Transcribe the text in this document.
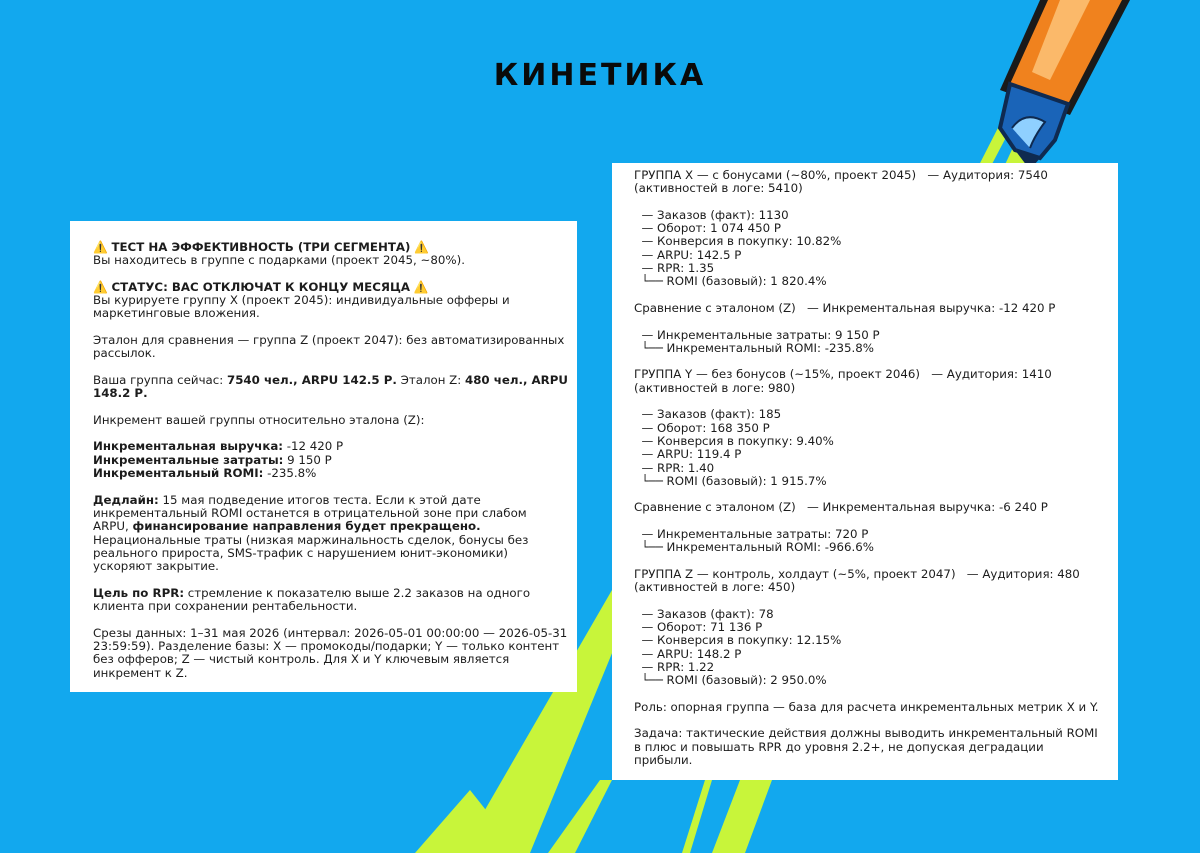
КИНЕТИКА
⚠️ ТЕСТ НА ЭФФЕКТИВНОСТЬ (ТРИ СЕГМЕНТА) ⚠️
Вы находитесь в группе с подарками (проект 2045, ~80%).
⚠️ СТАТУС: ВАС ОТКЛЮЧАТ К КОНЦУ МЕСЯЦА ⚠️
Вы курируете группу X (проект 2045): индивидуальные офферы и
маркетинговые вложения.
Эталон для сравнения — группа Z (проект 2047): без автоматизированных
рассылок.
Ваша группа сейчас: 7540 чел., ARPU 142.5 Р. Эталон Z: 480 чел., ARPU
148.2 Р.
Инкремент вашей группы относительно эталона (Z):
Инкрементальная выручка: -12 420 Р
Инкрементальные затраты: 9 150 Р
Инкрементальный ROMI: -235.8%
Дедлайн: 15 мая подведение итогов теста. Если к этой дате
инкрементальный ROMI останется в отрицательной зоне при слабом
ARPU, финансирование направления будет прекращено.
Нерациональные траты (низкая маржинальность сделок, бонусы без
реального прироста, SMS-трафик с нарушением юнит-экономики)
ускоряют закрытие.
Цель по RPR: стремление к показателю выше 2.2 заказов на одного
клиента при сохранении рентабельности.
Срезы данных: 1–31 мая 2026 (интервал: 2026-05-01 00:00:00 — 2026-05-31
23:59:59). Разделение базы: X — промокоды/подарки; Y — только контент
без офферов; Z — чистый контроль. Для X и Y ключевым является
инкремент к Z.
ГРУППА X — с бонусами (~80%, проект 2045)   — Аудитория: 7540
(активностей в логе: 5410)
— Заказов (факт): 1130
— Оборот: 1 074 450 Р
— Конверсия в покупку: 10.82%
— ARPU: 142.5 Р
— RPR: 1.35
└── ROMI (базовый): 1 820.4%
Сравнение с эталоном (Z)   — Инкрементальная выручка: -12 420 Р
— Инкрементальные затраты: 9 150 Р
└── Инкрементальный ROMI: -235.8%
ГРУППА Y — без бонусов (~15%, проект 2046)   — Аудитория: 1410
(активностей в логе: 980)
— Заказов (факт): 185
— Оборот: 168 350 Р
— Конверсия в покупку: 9.40%
— ARPU: 119.4 Р
— RPR: 1.40
└── ROMI (базовый): 1 915.7%
Сравнение с эталоном (Z)   — Инкрементальная выручка: -6 240 Р
— Инкрементальные затраты: 720 Р
└── Инкрементальный ROMI: -966.6%
ГРУППА Z — контроль, холдаут (~5%, проект 2047)   — Аудитория: 480
(активностей в логе: 450)
— Заказов (факт): 78
— Оборот: 71 136 Р
— Конверсия в покупку: 12.15%
— ARPU: 148.2 Р
— RPR: 1.22
└── ROMI (базовый): 2 950.0%
Роль: опорная группа — база для расчета инкрементальных метрик X и Y.
Задача: тактические действия должны выводить инкрементальный ROMI
в плюс и повышать RPR до уровня 2.2+, не допуская деградации
прибыли.
